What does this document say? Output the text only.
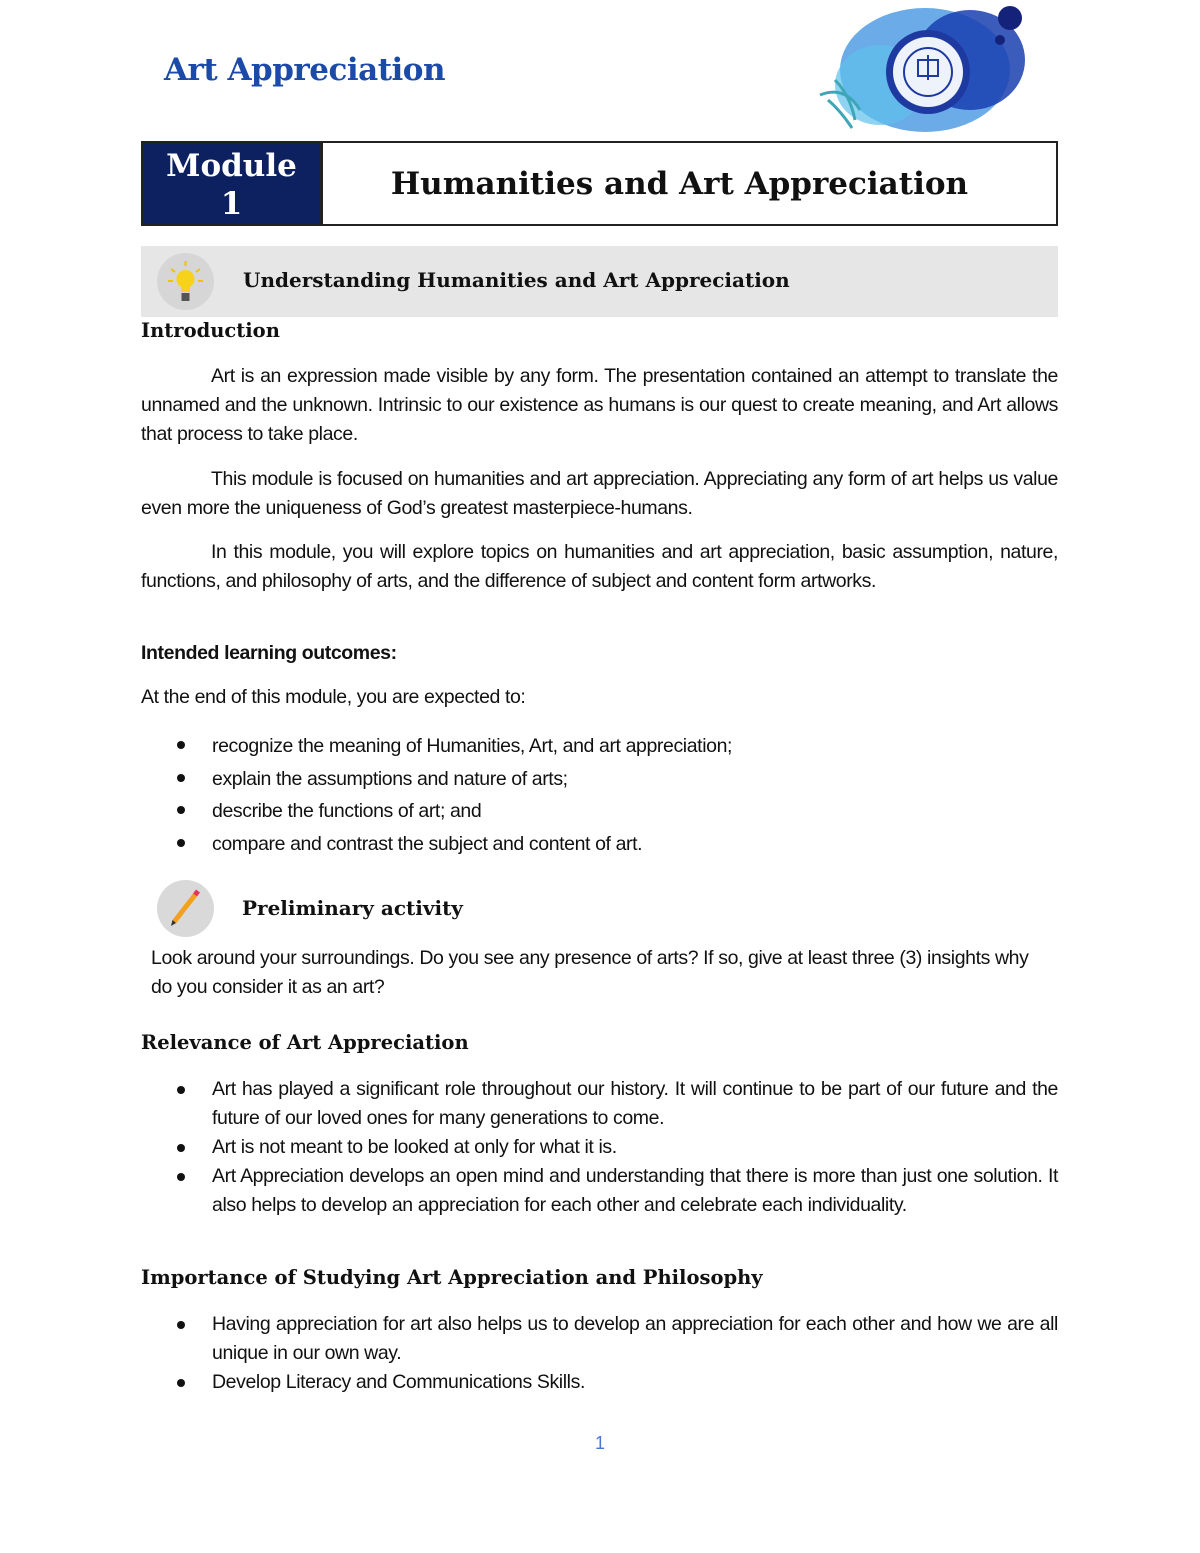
Art Appreciation
Module
1
Humanities and Art Appreciation
Understanding Humanities and Art Appreciation
Introduction
Art is an expression made visible by any form. The presentation contained an attempt to translate the unnamed and the unknown. Intrinsic to our existence as humans is our quest to create meaning, and Art allows that process to take place.
This module is focused on humanities and art appreciation. Appreciating any form of art helps us value even more the uniqueness of God’s greatest masterpiece-humans.
In this module, you will explore topics on humanities and art appreciation, basic assumption, nature, functions, and philosophy of arts, and the difference of subject and content form artworks.
Intended learning outcomes:
At the end of this module, you are expected to:
recognize the meaning of Humanities, Art, and art appreciation;
explain the assumptions and nature of arts;
describe the functions of art; and
compare and contrast the subject and content of art.
Preliminary activity
Look around your surroundings. Do you see any presence of arts? If so, give at least three (3) insights why do you consider it as an art?
Relevance of Art Appreciation
Art has played a significant role throughout our history. It will continue to be part of our future and the future of our loved ones for many generations to come.
Art is not meant to be looked at only for what it is.
Art Appreciation develops an open mind and understanding that there is more than just one solution. It also helps to develop an appreciation for each other and celebrate each individuality.
Importance of Studying Art Appreciation and Philosophy
Having appreciation for art also helps us to develop an appreciation for each other and how we are all unique in our own way.
Develop Literacy and Communications Skills.
1
